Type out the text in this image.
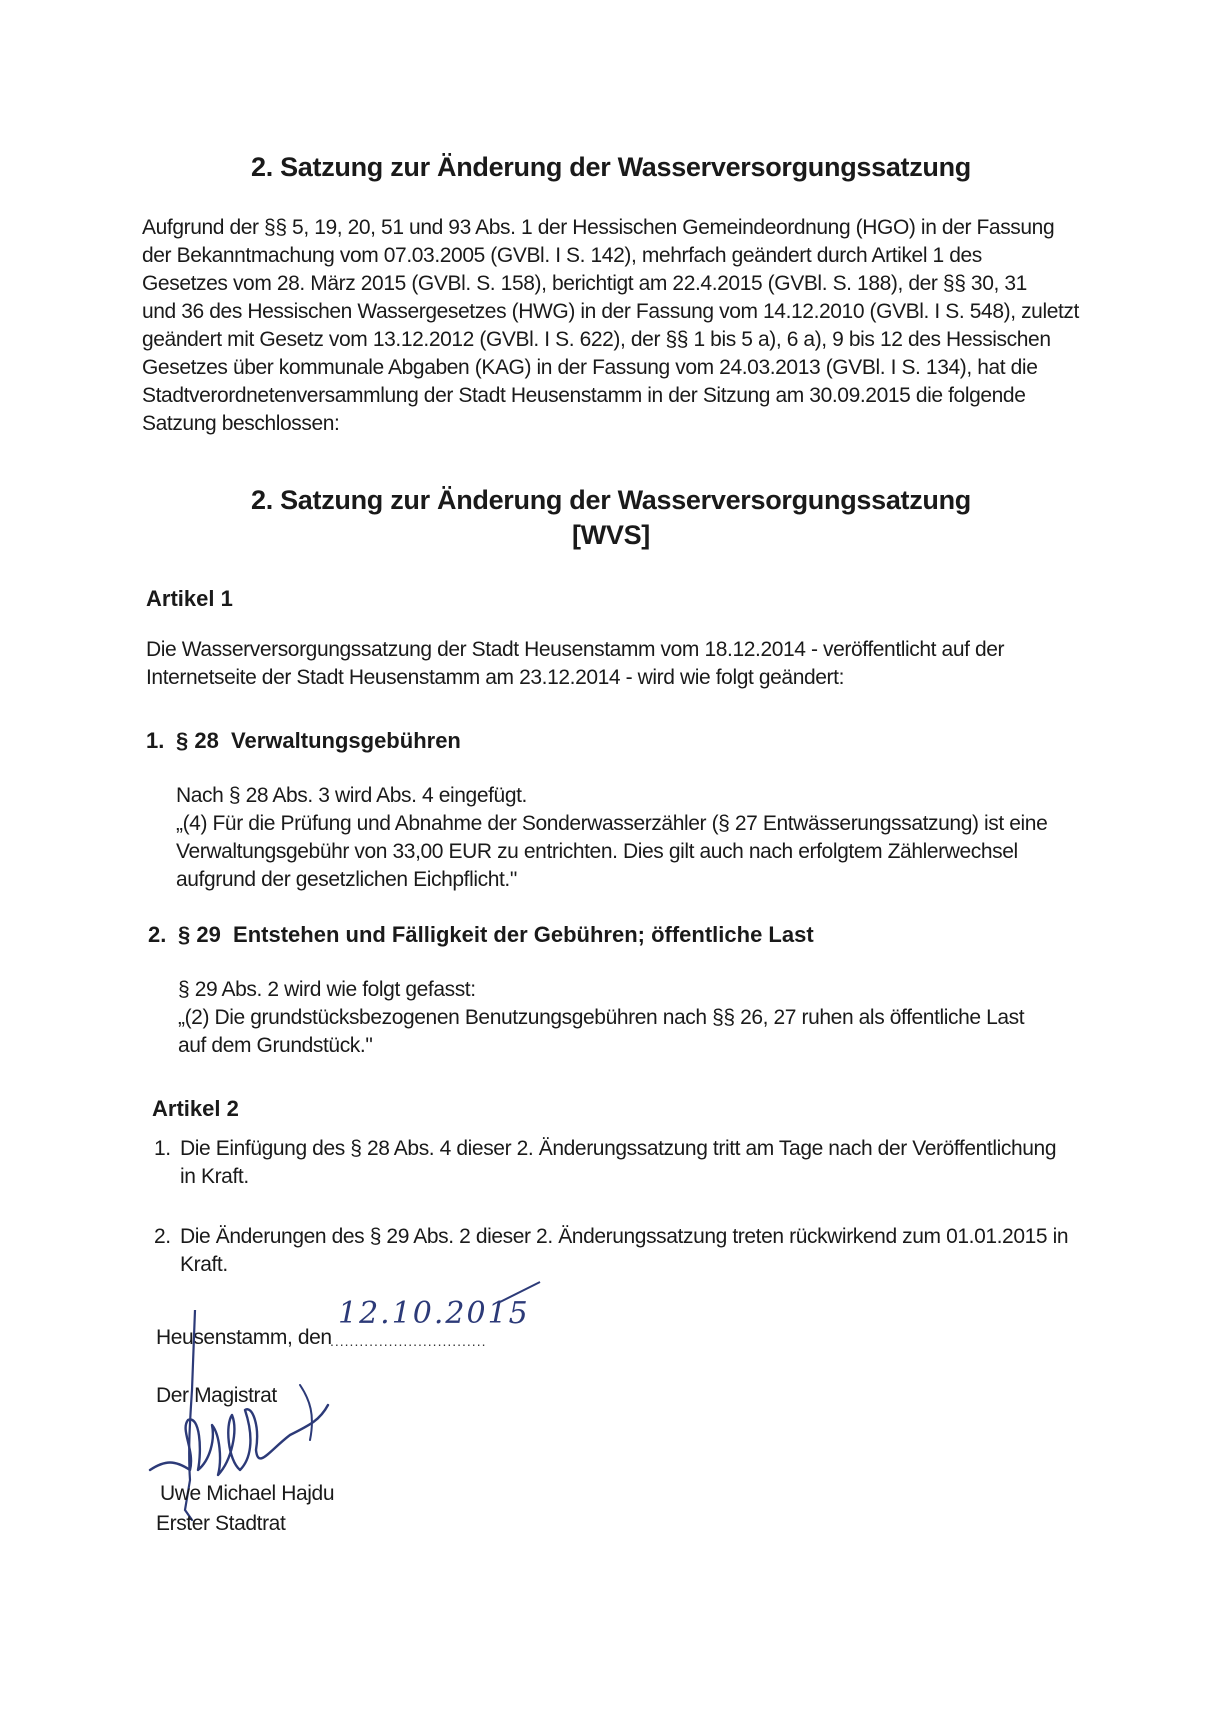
2. Satzung zur Änderung der Wasserversorgungssatzung
Aufgrund der §§ 5, 19, 20, 51 und 93 Abs. 1 der Hessischen Gemeindeordnung (HGO) in der Fassung
der Bekanntmachung vom 07.03.2005 (GVBl. I S. 142), mehrfach geändert durch Artikel 1 des
Gesetzes vom 28. März 2015 (GVBl. S. 158), berichtigt am 22.4.2015 (GVBl. S. 188), der §§ 30, 31
und 36 des Hessischen Wassergesetzes (HWG) in der Fassung vom 14.12.2010 (GVBl. I S. 548), zuletzt
geändert mit Gesetz vom 13.12.2012 (GVBl. I S. 622), der §§ 1 bis 5 a), 6 a), 9 bis 12 des Hessischen
Gesetzes über kommunale Abgaben (KAG) in der Fassung vom 24.03.2013 (GVBl. I S. 134), hat die
Stadtverordnetenversammlung der Stadt Heusenstamm in der Sitzung am 30.09.2015 die folgende
Satzung beschlossen:
2. Satzung zur Änderung der Wasserversorgungssatzung
[WVS]
Artikel 1
Die Wasserversorgungssatzung der Stadt Heusenstamm vom 18.12.2014 - veröffentlicht auf der
Internetseite der Stadt Heusenstamm am 23.12.2014 - wird wie folgt geändert:
1. § 28  Verwaltungsgebühren
Nach § 28 Abs. 3 wird Abs. 4 eingefügt.
„(4) Für die Prüfung und Abnahme der Sonderwasserzähler (§ 27 Entwässerungssatzung) ist eine
Verwaltungsgebühr von 33,00 EUR zu entrichten. Dies gilt auch nach erfolgtem Zählerwechsel
aufgrund der gesetzlichen Eichpflicht."
2. § 29  Entstehen und Fälligkeit der Gebühren; öffentliche Last
§ 29 Abs. 2 wird wie folgt gefasst:
„(2) Die grundstücksbezogenen Benutzungsgebühren nach §§ 26, 27 ruhen als öffentliche Last
auf dem Grundstück."
Artikel 2
1. Die Einfügung des § 28 Abs. 4 dieser 2. Änderungssatzung tritt am Tage nach der Veröffentlichung
in Kraft.
2. Die Änderungen des § 29 Abs. 2 dieser 2. Änderungssatzung treten rückwirkend zum 01.01.2015 in
Kraft.
Heusenstamm, den
................................
12.10.2015
Der Magistrat
Uwe Michael Hajdu
Erster Stadtrat
